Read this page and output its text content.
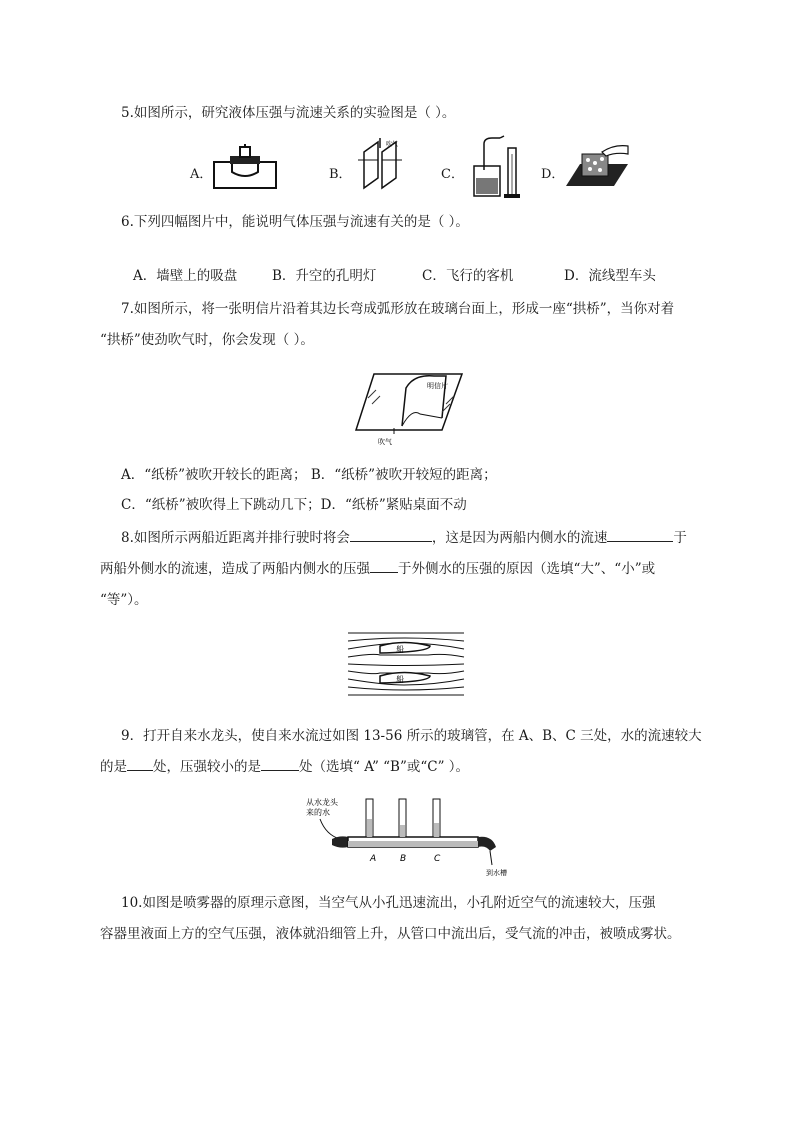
5.如图所示，研究液体压强与流速关系的实验图是（ ）。
A．	B．
吹气
C．	D．
6.下列四幅图片中，能说明气体压强与流速有关的是（ ）。
A．墙壁上的吸盘	B．升空的孔明灯	C．飞行的客机	D．流线型车头
7.如图所示，将一张明信片沿着其边长弯成弧形放在玻璃台面上，形成一座“拱桥”，当你对着
“拱桥”使劲吹气时，你会发现（ ）。
明信片
吹气
A．“纸桥”被吹开较长的距离； B．“纸桥”被吹开较短的距离；
C．“纸桥”被吹得上下跳动几下；D．“纸桥”紧贴桌面不动
8.如图所示两船近距离并排行驶时将会	，这是因为两船内侧水的流速	于
两船外侧水的流速，造成了两船内侧水的压强 于外侧水的压强的原因（选填“大”、“小”或
“等”）。
船
船
9．打开自来水龙头，使自来水流过如图 13-56 所示的玻璃管，在 A、B、C 三处，水的流速较大
的是 处，压强较小的是	处（选填“ A” “B”或“C” ）。
从水龙头
来的水
A	B	C
到水槽
10.如图是喷雾器的原理示意图，当空气从小孔迅速流出，小孔附近空气的流速较大，压强
容器里液面上方的空气压强，液体就沿细管上升，从管口中流出后，受气流的冲击，被喷成雾状。
